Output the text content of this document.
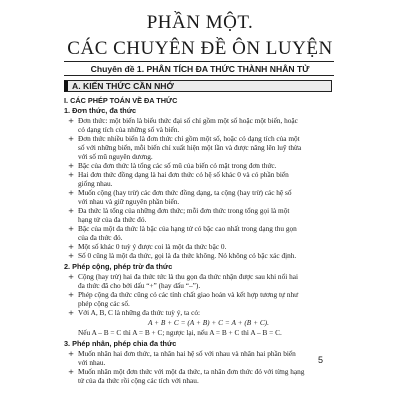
PHẦN MỘT.
CÁC CHUYÊN ĐỀ ÔN LUYỆN
Chuyên đề 1. PHÂN TÍCH ĐA THỨC THÀNH NHÂN TỬ
A. KIẾN THỨC CẦN NHỚ
I. CÁC PHÉP TOÁN VỀ ĐA THỨC
1. Đơn thức, đa thức
+ Đơn thức: một biến là biểu thức đại số chỉ gồm một số hoặc một biến, hoặc
có dạng tích của những số và biến.
+ Đơn thức nhiều biến là đơn thức chỉ gồm một số, hoặc có dạng tích của một
số với những biến, mỗi biến chỉ xuất hiện một lần và được nâng lên luỹ thừa
với số mũ nguyên dương.
+ Bậc của đơn thức là tổng các số mũ của biến có mặt trong đơn thức.
+ Hai đơn thức đồng dạng là hai đơn thức có hệ số khác 0 và có phần biến
giống nhau.
+ Muốn cộng (hay trừ) các đơn thức đồng dạng, ta cộng (hay trừ) các hệ số
với nhau và giữ nguyên phần biến.
+ Đa thức là tổng của những đơn thức; mỗi đơn thức trong tổng gọi là một
hạng tử của đa thức đó.
+ Bậc của một đa thức là bậc của hạng tử có bậc cao nhất trong dạng thu gọn
của đa thức đó.
+ Một số khác 0 tuỳ ý được coi là một đa thức bậc 0.
+ Số 0 cũng là một đa thức, gọi là đa thức không. Nó không có bậc xác định.
2. Phép cộng, phép trừ đa thức
+ Cộng (hay trừ) hai đa thức tức là thu gọn đa thức nhận được sau khi nối hai
đa thức đã cho bởi dấu “+” (hay dấu “–”).
+ Phép cộng đa thức cũng có các tính chất giao hoán và kết hợp tương tự như
phép cộng các số.
+ Với A, B, C là những đa thức tuỳ ý, ta có:
A + B + C = (A + B) + C = A + (B + C).
Nếu A – B = C thì A = B + C; ngược lại, nếu A = B + C thì A – B = C.
3. Phép nhân, phép chia đa thức
+ Muốn nhân hai đơn thức, ta nhân hai hệ số với nhau và nhân hai phần biến
với nhau.
+ Muốn nhân một đơn thức với một đa thức, ta nhân đơn thức đó với từng hạng
tử của đa thức rồi cộng các tích với nhau.
5
